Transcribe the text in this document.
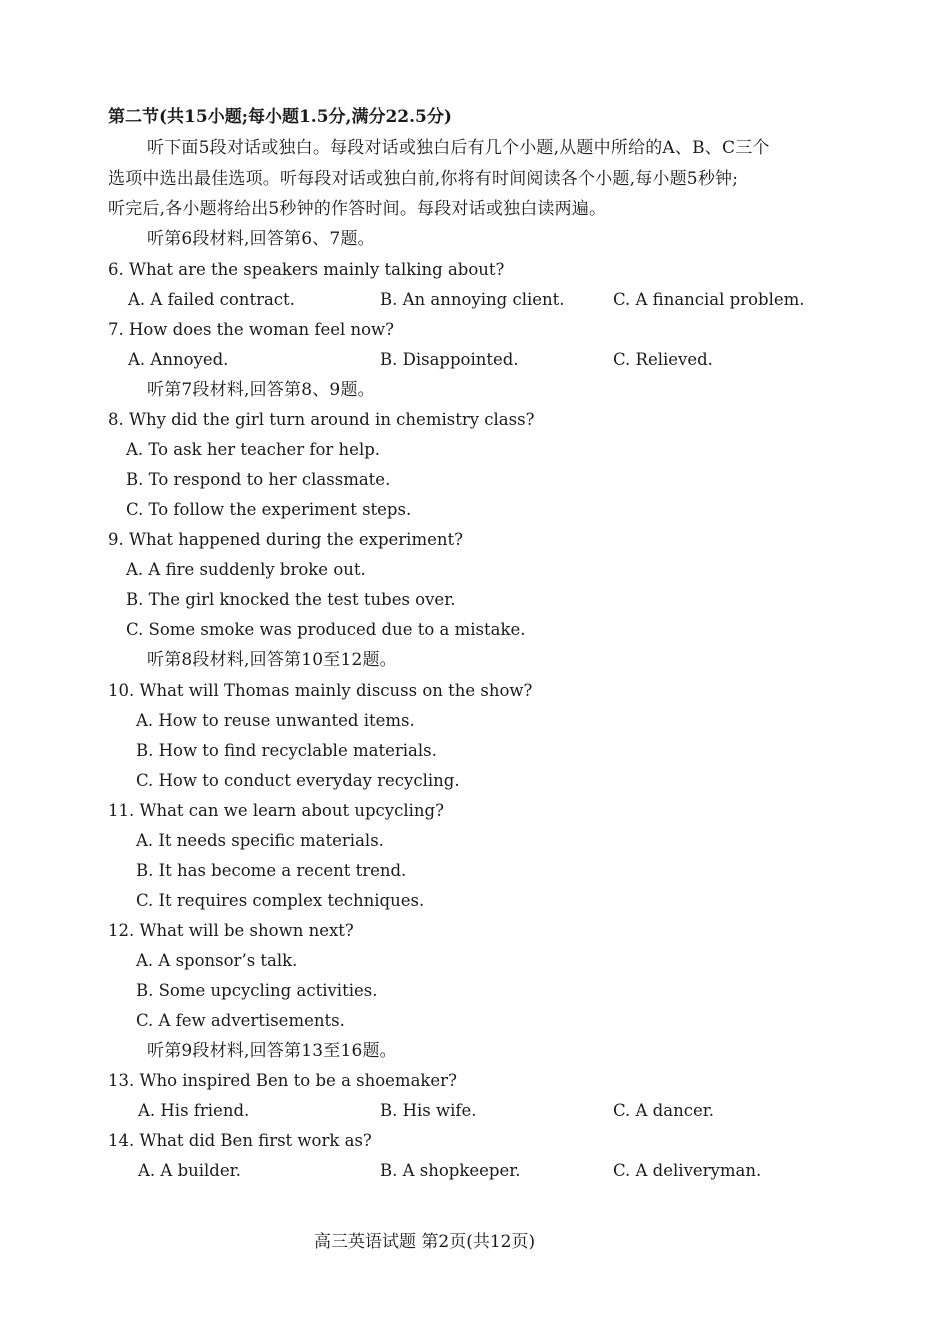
第二节(共15小题;每小题1.5分,满分22.5分)
听下面5段对话或独白。每段对话或独白后有几个小题,从题中所给的A、B、C三个
选项中选出最佳选项。听每段对话或独白前,你将有时间阅读各个小题,每小题5秒钟;
听完后,各小题将给出5秒钟的作答时间。每段对话或独白读两遍。
听第6段材料,回答第6、7题。
6. What are the speakers mainly talking about?
A. A failed contract.	B. An annoying client.	C. A financial problem.
7. How does the woman feel now?
A. Annoyed.	B. Disappointed.	C. Relieved.
听第7段材料,回答第8、9题。
8. Why did the girl turn around in chemistry class?
A. To ask her teacher for help.
B. To respond to her classmate.
C. To follow the experiment steps.
9. What happened during the experiment?
A. A fire suddenly broke out.
B. The girl knocked the test tubes over.
C. Some smoke was produced due to a mistake.
听第8段材料,回答第10至12题。
10. What will Thomas mainly discuss on the show?
A. How to reuse unwanted items.
B. How to find recyclable materials.
C. How to conduct everyday recycling.
11. What can we learn about upcycling?
A. It needs specific materials.
B. It has become a recent trend.
C. It requires complex techniques.
12. What will be shown next?
A. A sponsor’s talk.
B. Some upcycling activities.
C. A few advertisements.
听第9段材料,回答第13至16题。
13. Who inspired Ben to be a shoemaker?
A. His friend.	B. His wife.	C. A dancer.
14. What did Ben first work as?
A. A builder.	B. A shopkeeper.	C. A deliveryman.
高三英语试题 第2页(共12页)
